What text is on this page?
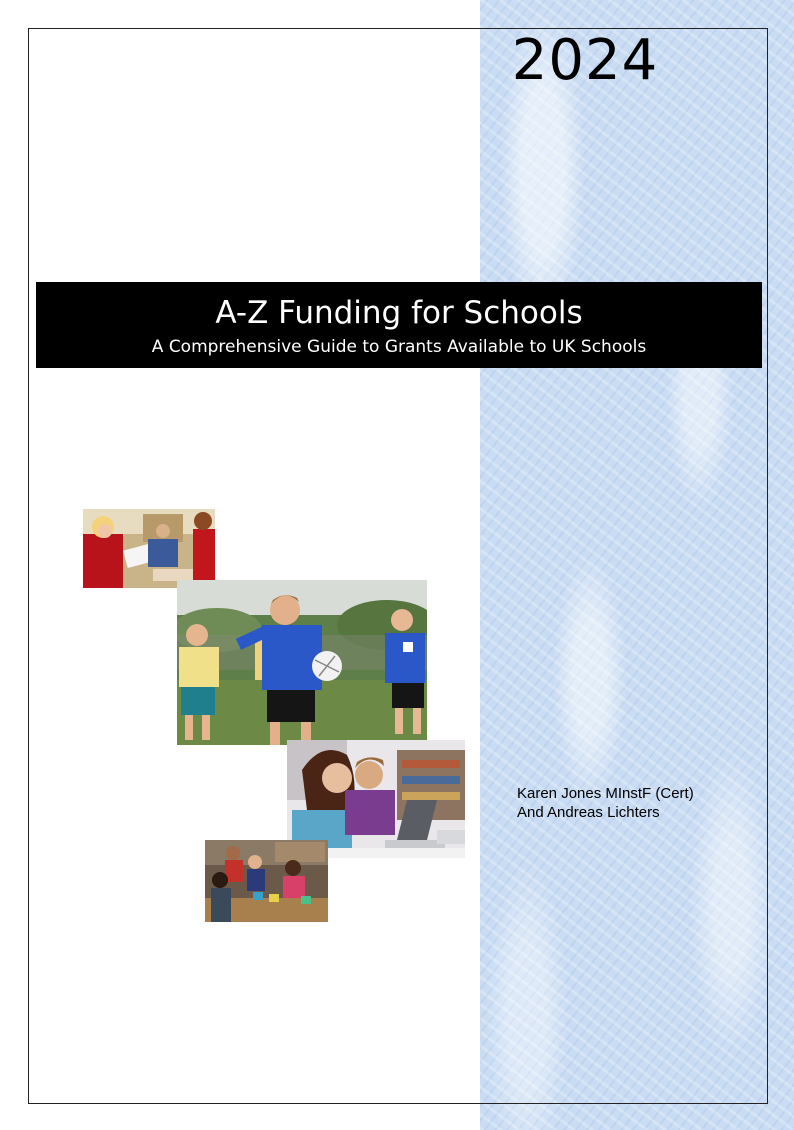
2024
A-Z Funding for Schools
A Comprehensive Guide to Grants Available to UK Schools
Karen Jones MInstF (Cert)
And Andreas Lichters
